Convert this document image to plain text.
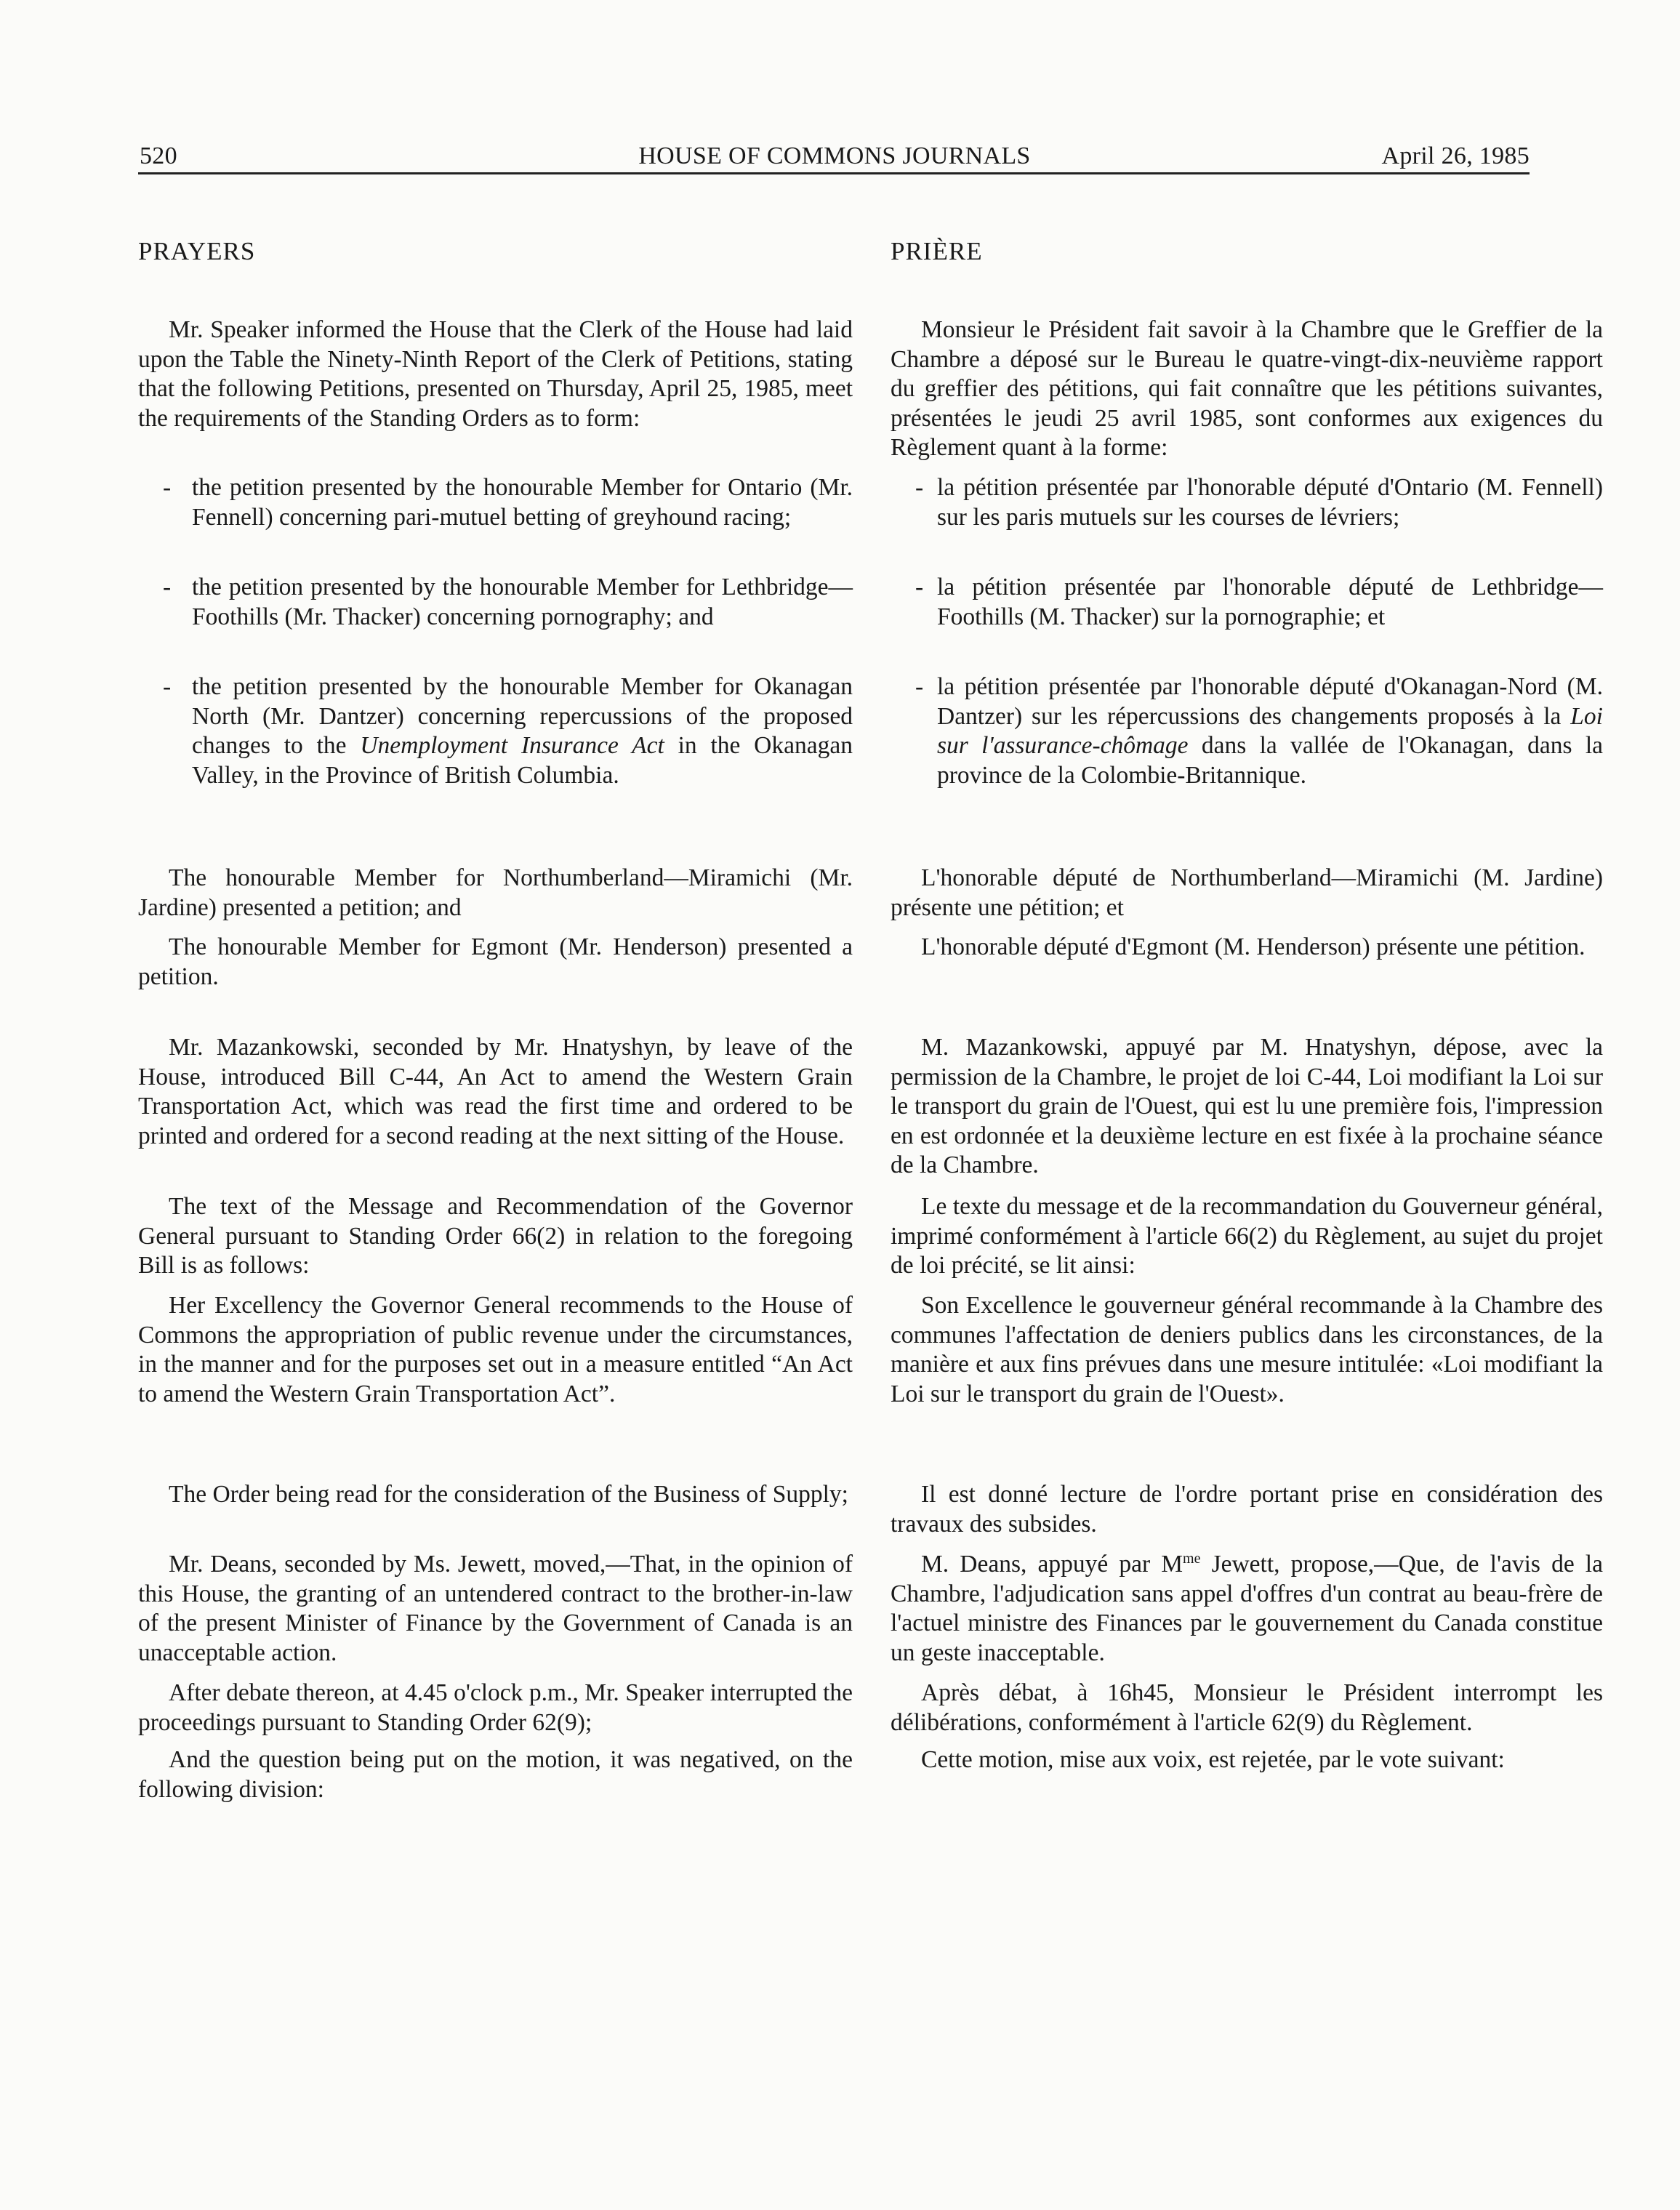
520	HOUSE OF COMMONS JOURNALS	April 26, 1985
PRAYERS

Mr. Speaker informed the House that the Clerk of the House had laid upon the Table the Ninety-Ninth Report of the Clerk of Petitions, stating that the following Petitions, presented on Thursday, April 25, 1985, meet the requirements of the Standing Orders as to form:

- the petition presented by the honourable Member for Ontario (Mr. Fennell) concerning pari-mutuel betting of greyhound racing;
- the petition presented by the honourable Member for Lethbridge—Foothills (Mr. Thacker) concerning pornography; and
- the petition presented by the honourable Member for Okanagan North (Mr. Dantzer) concerning repercussions of the proposed changes to the Unemployment Insurance Act in the Okanagan Valley, in the Province of British Columbia.

The honourable Member for Northumberland—Miramichi (Mr. Jardine) presented a petition; and

The honourable Member for Egmont (Mr. Henderson) presented a petition.

Mr. Mazankowski, seconded by Mr. Hnatyshyn, by leave of the House, introduced Bill C-44, An Act to amend the Western Grain Transportation Act, which was read the first time and ordered to be printed and ordered for a second reading at the next sitting of the House.

The text of the Message and Recommendation of the Governor General pursuant to Standing Order 66(2) in relation to the foregoing Bill is as follows:

Her Excellency the Governor General recommends to the House of Commons the appropriation of public revenue under the circumstances, in the manner and for the purposes set out in a measure entitled “An Act to amend the Western Grain Transportation Act”.

The Order being read for the consideration of the Business of Supply;

Mr. Deans, seconded by Ms. Jewett, moved,—That, in the opinion of this House, the granting of an untendered contract to the brother-in-law of the present Minister of Finance by the Government of Canada is an unacceptable action.

After debate thereon, at 4.45 o'clock p.m., Mr. Speaker interrupted the proceedings pursuant to Standing Order 62(9);

And the question being put on the motion, it was negatived, on the following division:

PRIÈRE

Monsieur le Président fait savoir à la Chambre que le Greffier de la Chambre a déposé sur le Bureau le quatre-vingt-dix-neuvième rapport du greffier des pétitions, qui fait connaître que les pétitions suivantes, présentées le jeudi 25 avril 1985, sont conformes aux exigences du Règlement quant à la forme:

- la pétition présentée par l'honorable député d'Ontario (M. Fennell) sur les paris mutuels sur les courses de lévriers;
- la pétition présentée par l'honorable député de Lethbridge—Foothills (M. Thacker) sur la pornographie; et
- la pétition présentée par l'honorable député d'Okanagan-Nord (M. Dantzer) sur les répercussions des changements proposés à la Loi sur l'assurance-chômage dans la vallée de l'Okanagan, dans la province de la Colombie-Britannique.

L'honorable député de Northumberland—Miramichi (M. Jardine) présente une pétition; et

L'honorable député d'Egmont (M. Henderson) présente une pétition.

M. Mazankowski, appuyé par M. Hnatyshyn, dépose, avec la permission de la Chambre, le projet de loi C-44, Loi modifiant la Loi sur le transport du grain de l'Ouest, qui est lu une première fois, l'impression en est ordonnée et la deuxième lecture en est fixée à la prochaine séance de la Chambre.

Le texte du message et de la recommandation du Gouverneur général, imprimé conformément à l'article 66(2) du Règlement, au sujet du projet de loi précité, se lit ainsi:

Son Excellence le gouverneur général recommande à la Chambre des communes l'affectation de deniers publics dans les circonstances, de la manière et aux fins prévues dans une mesure intitulée: «Loi modifiant la Loi sur le transport du grain de l'Ouest».

Il est donné lecture de l'ordre portant prise en considération des travaux des subsides.

M. Deans, appuyé par $M^{me}$ Jewett, propose,—Que, de l'avis de la Chambre, l'adjudication sans appel d'offres d'un contrat au beau-frère de l'actuel ministre des Finances par le gouvernement du Canada constitue un geste inacceptable.

Après débat, à 16h45, Monsieur le Président interrompt les délibérations, conformément à l'article 62(9) du Règlement.

Cette motion, mise aux voix, est rejetée, par le vote suivant:
